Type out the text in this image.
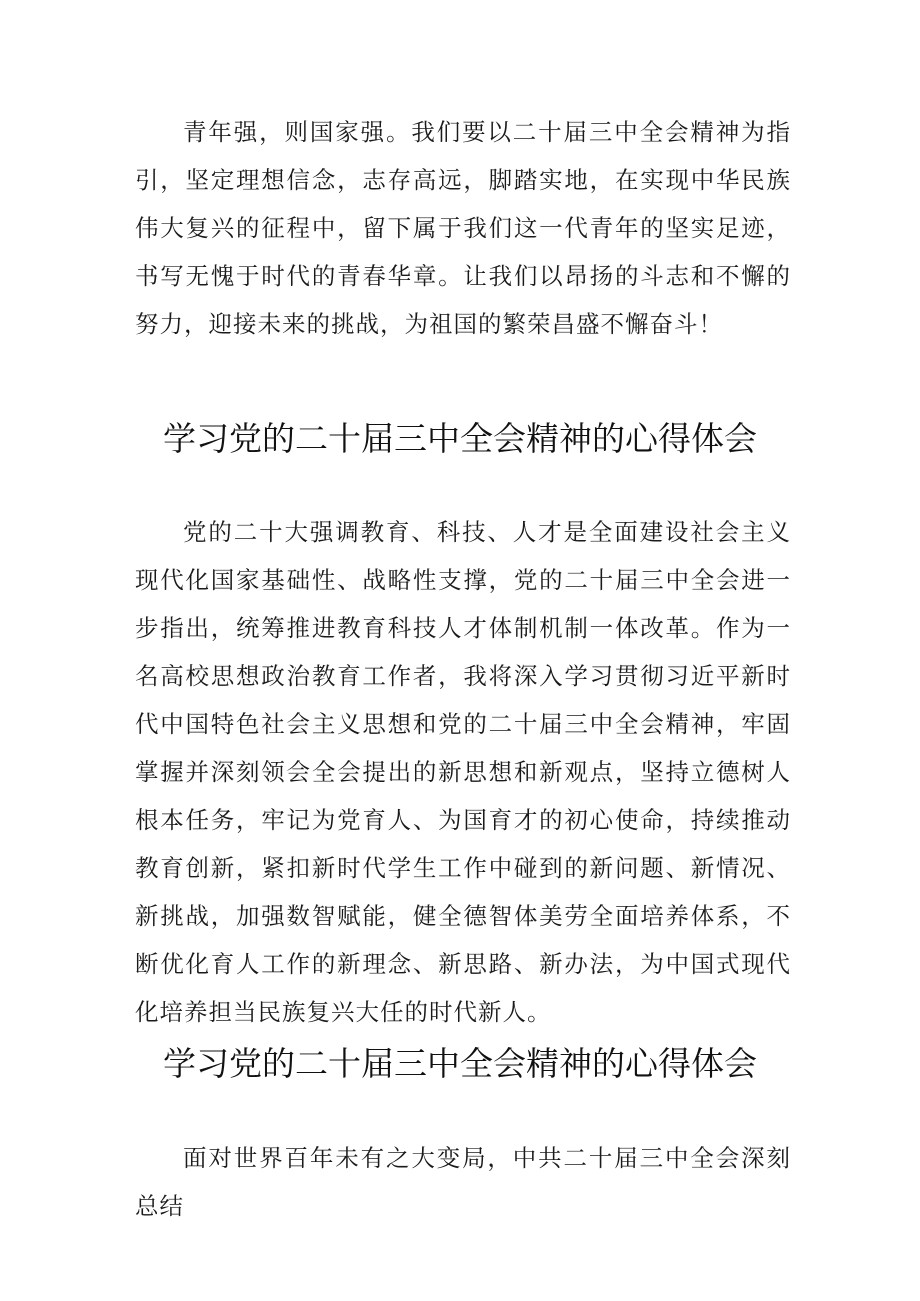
青年强，则国家强。我们要以二十届三中全会精神为指引，坚定理想信念，志存高远，脚踏实地，在实现中华民族伟大复兴的征程中，留下属于我们这一代青年的坚实足迹，书写无愧于时代的青春华章。让我们以昂扬的斗志和不懈的努力，迎接未来的挑战，为祖国的繁荣昌盛不懈奋斗！

学习党的二十届三中全会精神的心得体会

党的二十大强调教育、科技、人才是全面建设社会主义现代化国家基础性、战略性支撑，党的二十届三中全会进一步指出，统筹推进教育科技人才体制机制一体改革。作为一名高校思想政治教育工作者，我将深入学习贯彻习近平新时代中国特色社会主义思想和党的二十届三中全会精神，牢固掌握并深刻领会全会提出的新思想和新观点，坚持立德树人根本任务，牢记为党育人、为国育才的初心使命，持续推动教育创新，紧扣新时代学生工作中碰到的新问题、新情况、新挑战，加强数智赋能，健全德智体美劳全面培养体系，不断优化育人工作的新理念、新思路、新办法，为中国式现代化培养担当民族复兴大任的时代新人。

学习党的二十届三中全会精神的心得体会

面对世界百年未有之大变局，中共二十届三中全会深刻总结
